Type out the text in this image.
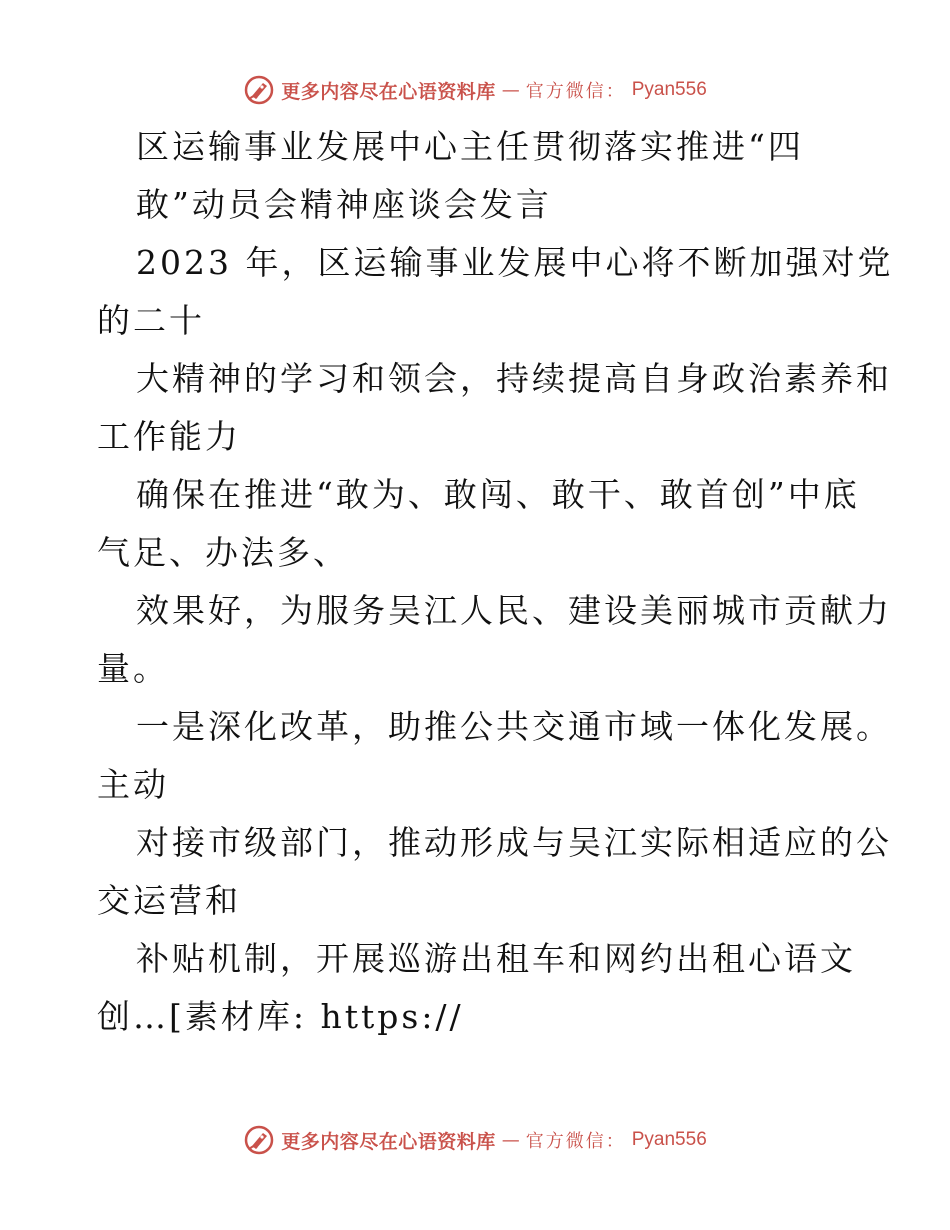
更多内容尽在心语资料库 — 官方微信： Pyan556
区运输事业发展中心主任贯彻落实推进“四
敢”动员会精神座谈会发言
2023 年，区运输事业发展中心将不断加强对党
的二十
大精神的学习和领会，持续提高自身政治素养和
工作能力
确保在推进“敢为、敢闯、敢干、敢首创”中底
气足、办法多、
效果好，为服务吴江人民、建设美丽城市贡献力
量。
一是深化改革，助推公共交通市域一体化发展。
主动
对接市级部门，推动形成与吴江实际相适应的公
交运营和
补贴机制，开展巡游出租车和网约出租心语文
创…[素材库: https://
更多内容尽在心语资料库 — 官方微信： Pyan556
